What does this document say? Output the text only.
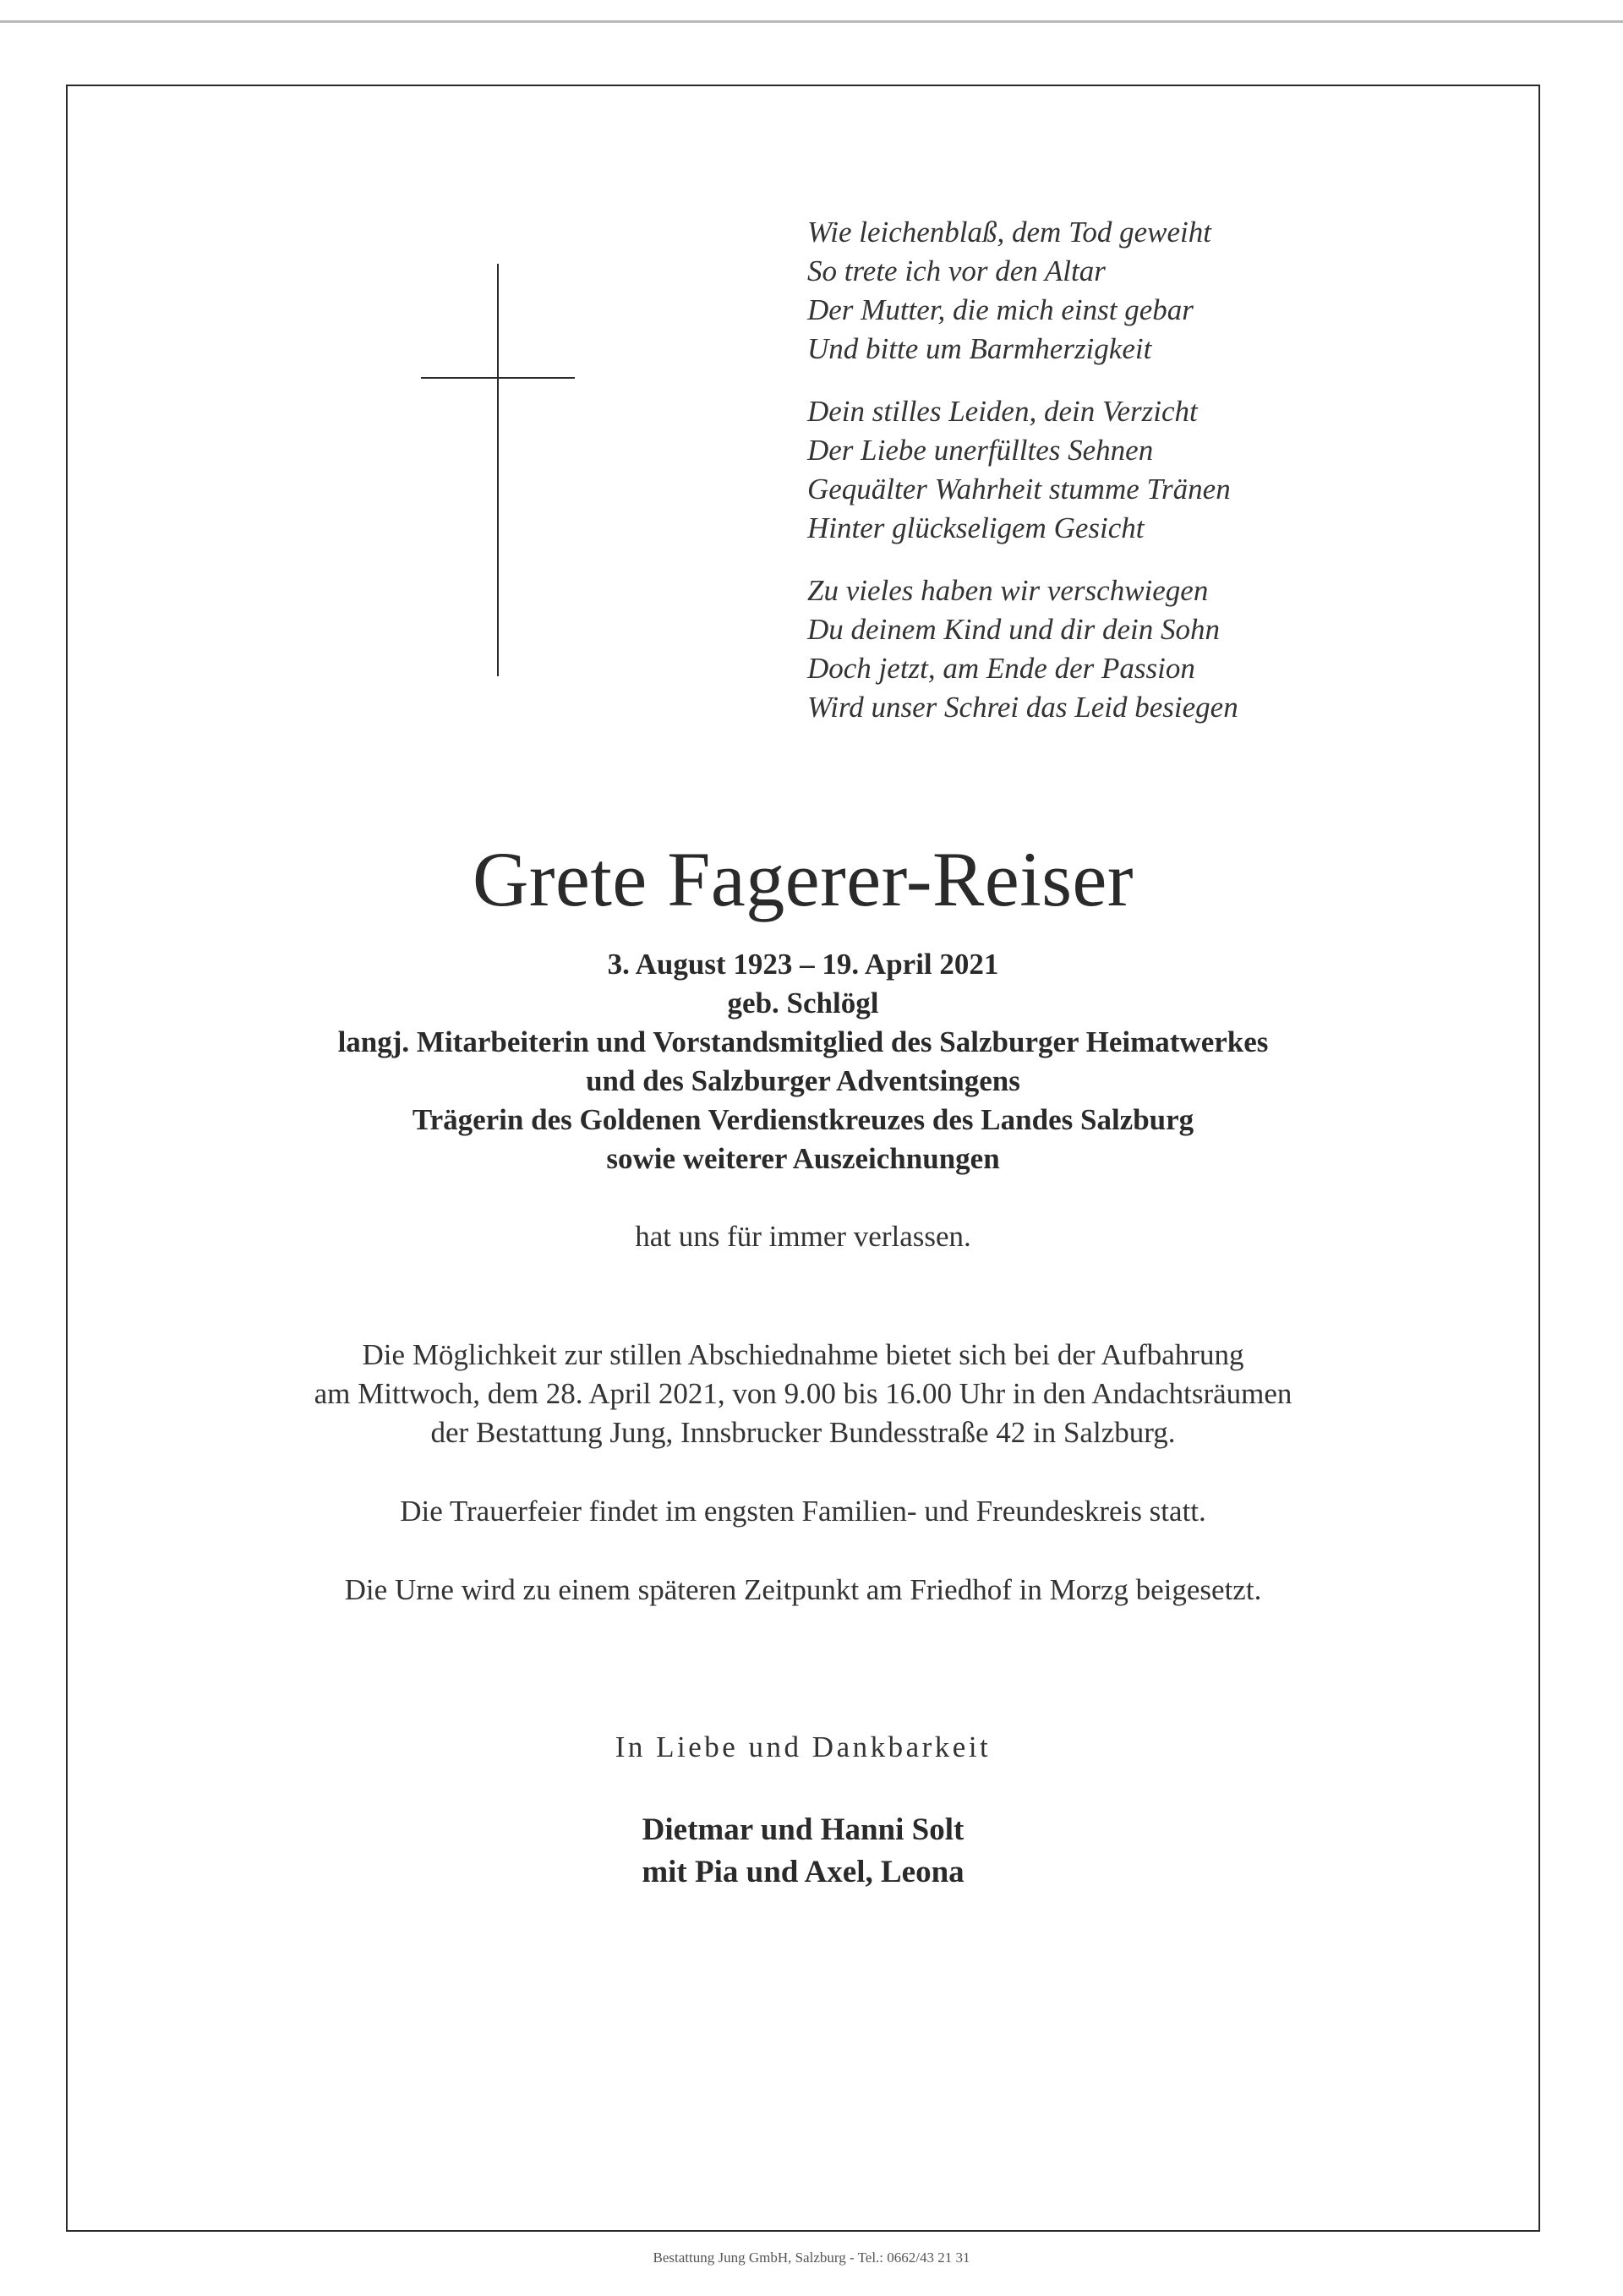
Wie leichenblaß, dem Tod geweiht
So trete ich vor den Altar
Der Mutter, die mich einst gebar
Und bitte um Barmherzigkeit
Dein stilles Leiden, dein Verzicht
Der Liebe unerfülltes Sehnen
Gequälter Wahrheit stumme Tränen
Hinter glückseligem Gesicht
Zu vieles haben wir verschwiegen
Du deinem Kind und dir dein Sohn
Doch jetzt, am Ende der Passion
Wird unser Schrei das Leid besiegen
Grete Fagerer-Reiser
3. August 1923 – 19. April 2021
geb. Schlögl
langj. Mitarbeiterin und Vorstandsmitglied des Salzburger Heimatwerkes
und des Salzburger Adventsingens
Trägerin des Goldenen Verdienstkreuzes des Landes Salzburg
sowie weiterer Auszeichnungen
hat uns für immer verlassen.
Die Möglichkeit zur stillen Abschiednahme bietet sich bei der Aufbahrung
am Mittwoch, dem 28. April 2021, von 9.00 bis 16.00 Uhr in den Andachtsräumen
der Bestattung Jung, Innsbrucker Bundesstraße 42 in Salzburg.
Die Trauerfeier findet im engsten Familien- und Freundeskreis statt.
Die Urne wird zu einem späteren Zeitpunkt am Friedhof in Morzg beigesetzt.
In Liebe und Dankbarkeit
Dietmar und Hanni Solt
mit Pia und Axel, Leona
Bestattung Jung GmbH, Salzburg - Tel.: 0662/43 21 31
